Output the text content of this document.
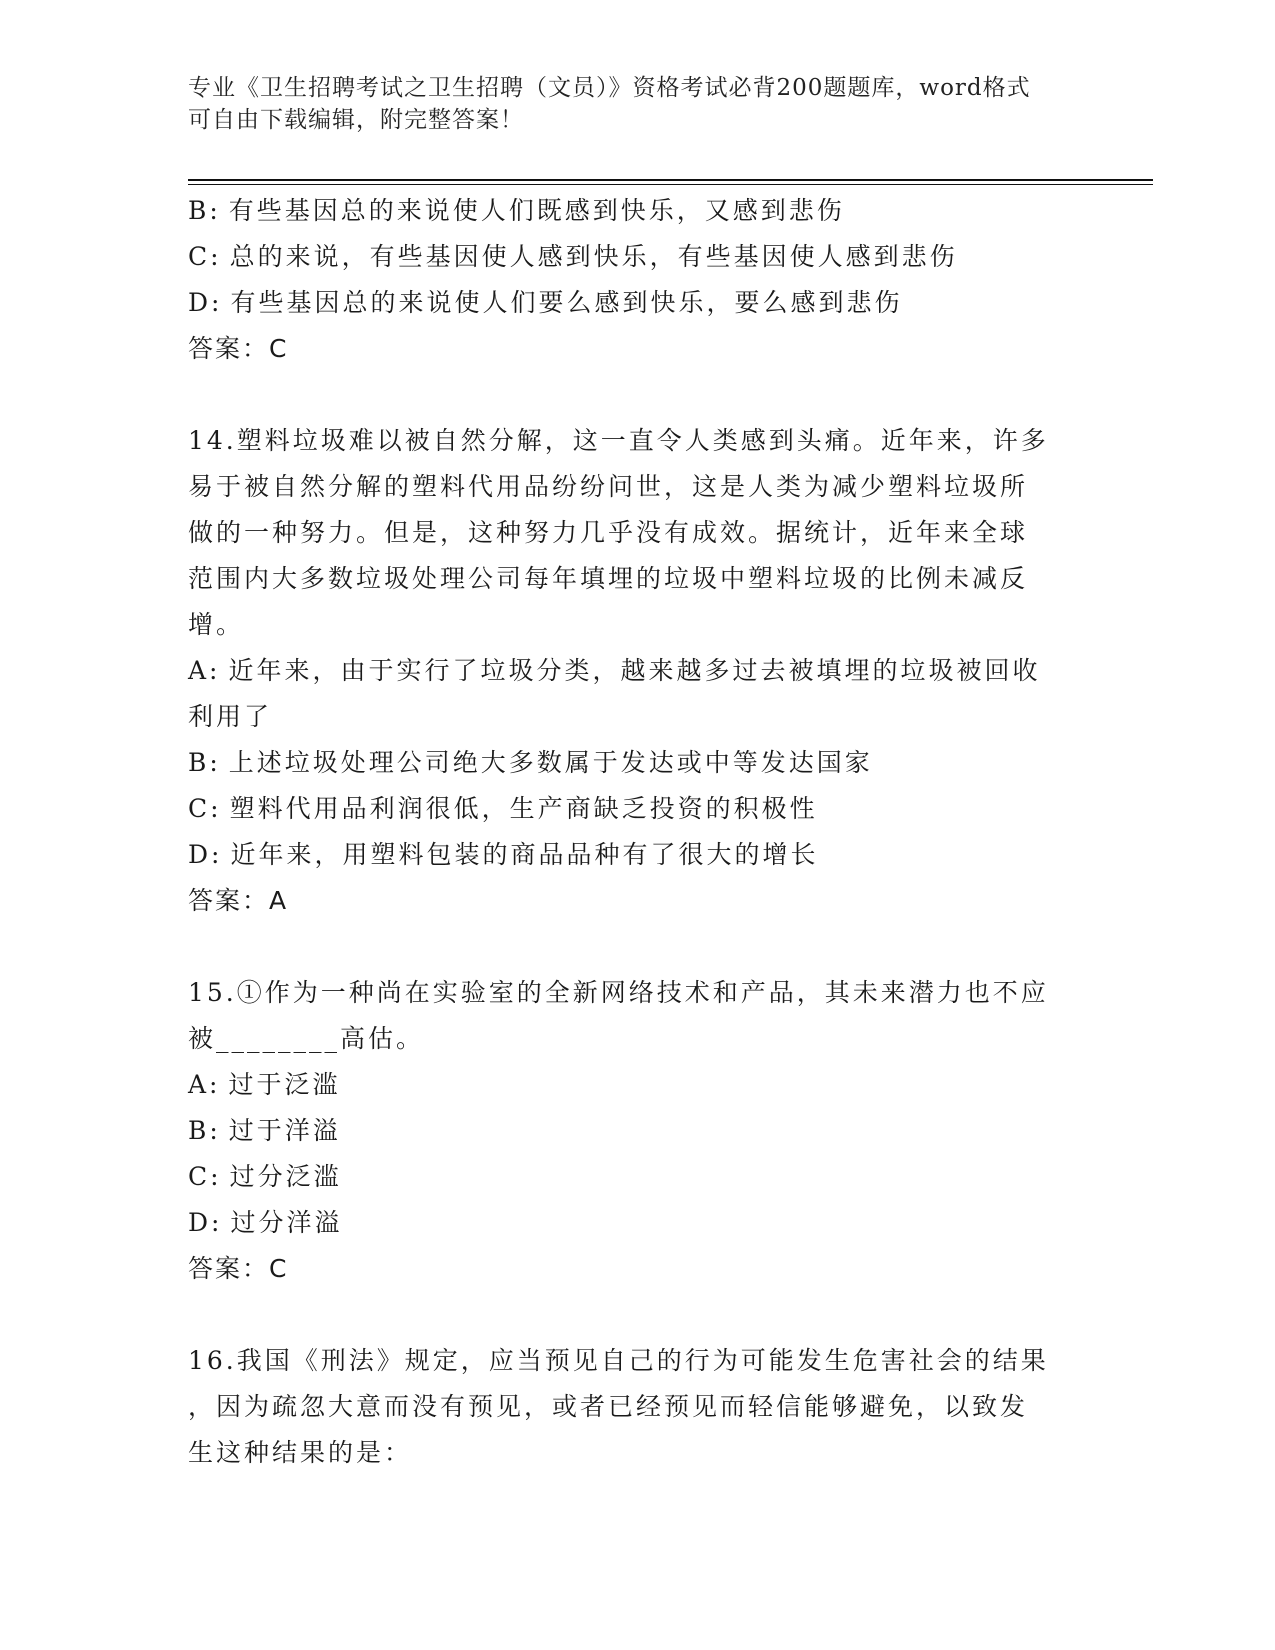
专业《卫生招聘考试之卫生招聘（文员）》资格考试必背200题题库，word格式
可自由下载编辑，附完整答案！

B: 有些基因总的来说使人们既感到快乐，又感到悲伤

C: 总的来说，有些基因使人感到快乐，有些基因使人感到悲伤

D: 有些基因总的来说使人们要么感到快乐，要么感到悲伤

答案：C

14.塑料垃圾难以被自然分解，这一直令人类感到头痛。近年来，许多

易于被自然分解的塑料代用品纷纷问世，这是人类为减少塑料垃圾所

做的一种努力。但是，这种努力几乎没有成效。据统计，近年来全球

范围内大多数垃圾处理公司每年填埋的垃圾中塑料垃圾的比例未减反

增。

A: 近年来，由于实行了垃圾分类，越来越多过去被填埋的垃圾被回收

利用了

B: 上述垃圾处理公司绝大多数属于发达或中等发达国家

C: 塑料代用品利润很低，生产商缺乏投资的积极性

D: 近年来，用塑料包装的商品品种有了很大的增长

答案：A

15.①作为一种尚在实验室的全新网络技术和产品，其未来潜力也不应

被________高估。

A: 过于泛滥

B: 过于洋溢

C: 过分泛滥

D: 过分洋溢

答案：C

16.我国《刑法》规定，应当预见自己的行为可能发生危害社会的结果

，因为疏忽大意而没有预见，或者已经预见而轻信能够避免，以致发

生这种结果的是：
